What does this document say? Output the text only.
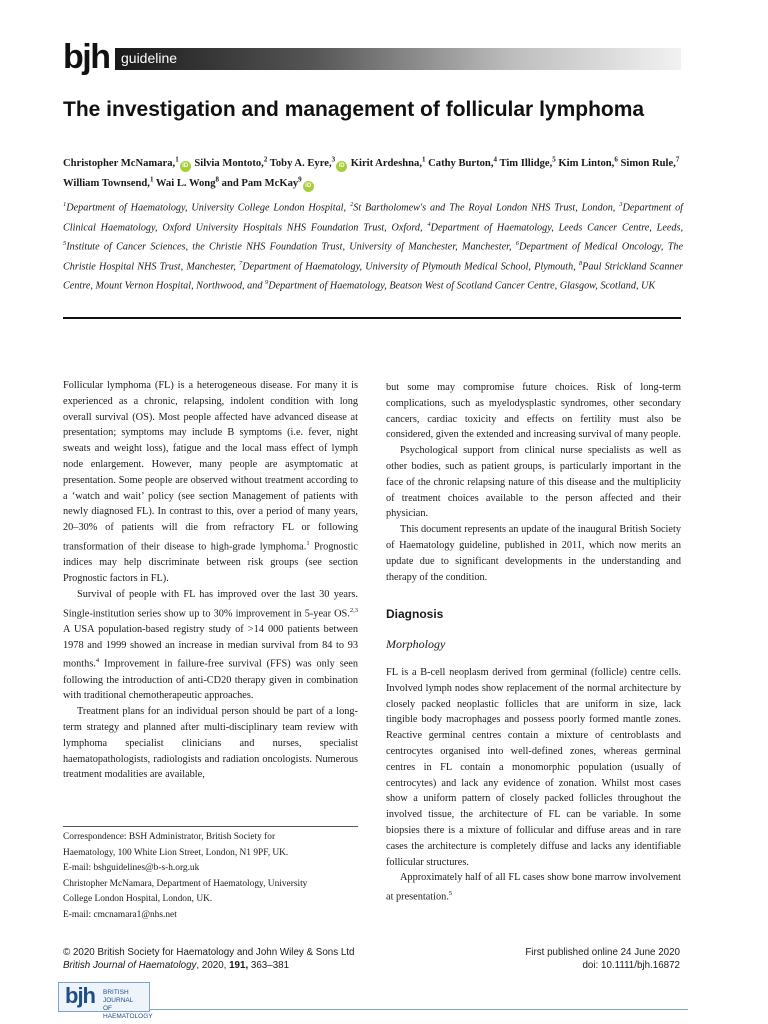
bjh guideline
The investigation and management of follicular lymphoma
Christopher McNamara,$^1$iD Silvia Montoto,$^2$ Toby A. Eyre,$^3$iD Kirit Ardeshna,$^1$ Cathy Burton,$^4$ Tim Illidge,$^5$ Kim Linton,$^6$ Simon Rule,$^7$ William Townsend,$^1$ Wai L. Wong$^8$ and Pam McKay$^9$iD
$^1$Department of Haematology, University College London Hospital, $^2$St Bartholomew's and The Royal London NHS Trust, London, $^3$Department of Clinical Haematology, Oxford University Hospitals NHS Foundation Trust, Oxford, $^4$Department of Haematology, Leeds Cancer Centre, Leeds, $^5$Institute of Cancer Sciences, the Christie NHS Foundation Trust, University of Manchester, Manchester, $^6$Department of Medical Oncology, The Christie Hospital NHS Trust, Manchester, $^7$Department of Haematology, University of Plymouth Medical School, Plymouth, $^8$Paul Strickland Scanner Centre, Mount Vernon Hospital, Northwood, and $^9$Department of Haematology, Beatson West of Scotland Cancer Centre, Glasgow, Scotland, UK

Follicular lymphoma (FL) is a heterogeneous disease. For many it is experienced as a chronic, relapsing, indolent condition with long overall survival (OS). Most people affected have advanced disease at presentation; symptoms may include B symptoms (i.e. fever, night sweats and weight loss), fatigue and the local mass effect of lymph node enlargement. However, many people are asymptomatic at presentation. Some people are observed without treatment according to a ‘watch and wait’ policy (see section Management of patients with newly diagnosed FL). In contrast to this, over a period of many years, 20–30% of patients will die from refractory FL or following transformation of their disease to high-grade lymphoma.$^1$ Prognostic indices may help discriminate between risk groups (see section Prognostic factors in FL).

Survival of people with FL has improved over the last 30 years. Single-institution series show up to 30% improvement in 5-year OS.$^{2,3}$ A USA population-based registry study of >14 000 patients between 1978 and 1999 showed an increase in median survival from 84 to 93 months.$^4$ Improvement in failure-free survival (FFS) was only seen following the introduction of anti-CD20 therapy given in combination with traditional chemotherapeutic approaches.

Treatment plans for an individual person should be part of a long-term strategy and planned after multi-disciplinary team review with lymphoma specialist clinicians and nurses, specialist haematopathologists, radiologists and radiation oncologists. Numerous treatment modalities are available,

but some may compromise future choices. Risk of long-term complications, such as myelodysplastic syndromes, other secondary cancers, cardiac toxicity and effects on fertility must also be considered, given the extended and increasing survival of many people.

Psychological support from clinical nurse specialists as well as other bodies, such as patient groups, is particularly important in the face of the chronic relapsing nature of this disease and the multiplicity of treatment choices available to the person affected and their physician.

This document represents an update of the inaugural British Society of Haematology guideline, published in 2011, which now merits an update due to significant developments in the understanding and therapy of the condition.

Diagnosis
Morphology

FL is a B-cell neoplasm derived from germinal (follicle) centre cells. Involved lymph nodes show replacement of the normal architecture by closely packed neoplastic follicles that are uniform in size, lack tingible body macrophages and possess poorly formed mantle zones. Reactive germinal centres contain a mixture of centroblasts and centrocytes organised into well-defined zones, whereas germinal centres in FL contain a monomorphic population (usually of centrocytes) and lack any evidence of zonation. Whilst most cases show a uniform pattern of closely packed follicles throughout the involved tissue, the architecture of FL can be variable. In some biopsies there is a mixture of follicular and diffuse areas and in rare cases the architecture is completely diffuse and lacks any identifiable follicular structures.

Approximately half of all FL cases show bone marrow involvement at presentation.$^5$

Correspondence: BSH Administrator, British Society for
Haematology, 100 White Lion Street, London, N1 9PF, UK.
E-mail: bshguidelines@b-s-h.org.uk
Christopher McNamara, Department of Haematology, University
College London Hospital, London, UK.
E-mail: cmcnamara1@nhs.net
© 2020 British Society for Haematology and John Wiley & Sons Ltd
British Journal of Haematology, 2020, 191, 363–381
First published online 24 June 2020
doi: 10.1111/bjh.16872
bjh BRITISH JOURNAL
OF HAEMATOLOGY
